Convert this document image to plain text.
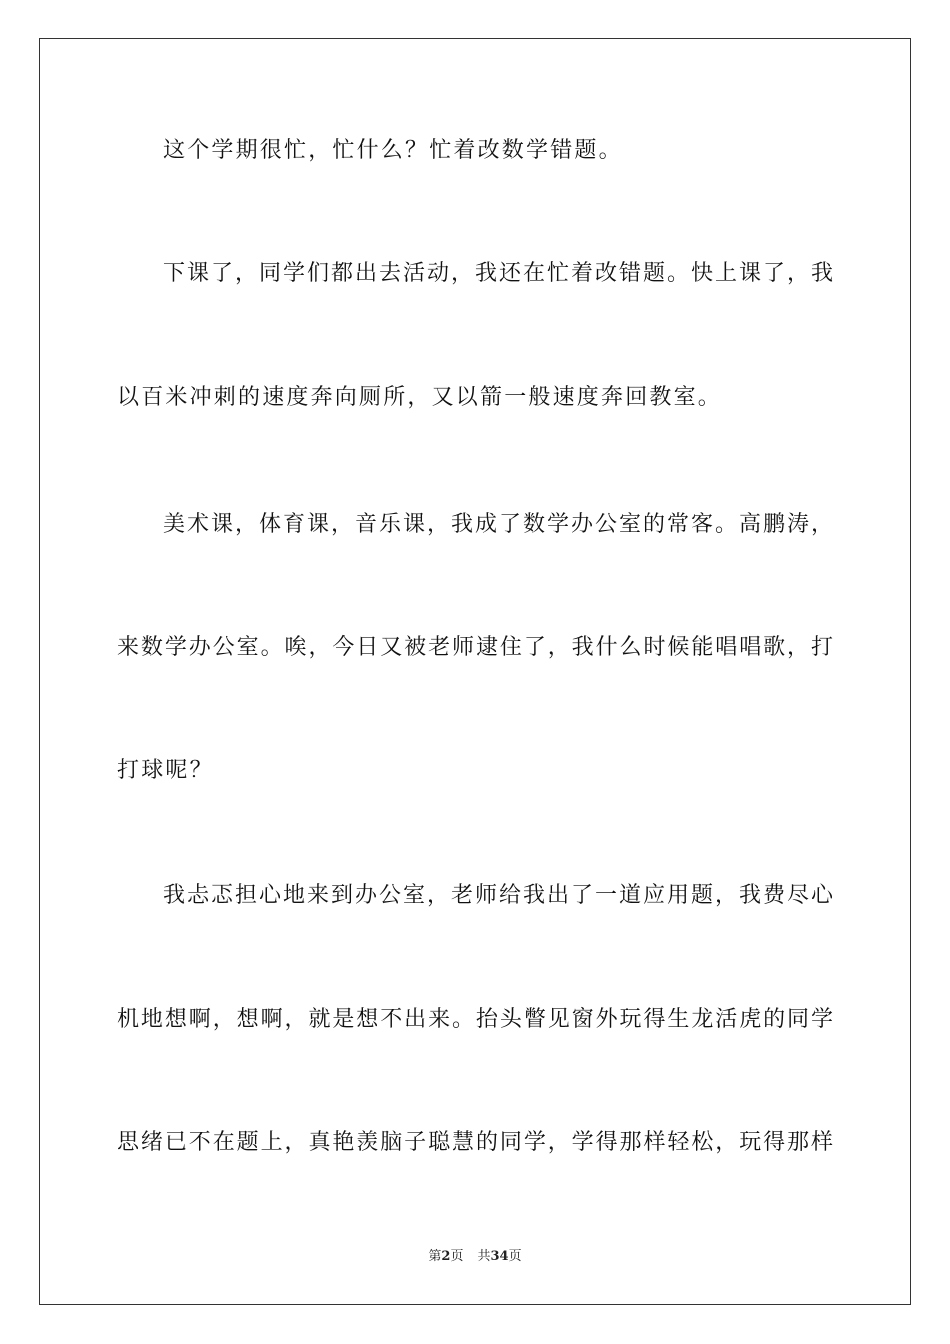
这个学期很忙，忙什么？忙着改数学错题。
下课了，同学们都出去活动，我还在忙着改错题。快上课了，我
以百米冲刺的速度奔向厕所，又以箭一般速度奔回教室。
美术课，体育课，音乐课，我成了数学办公室的常客。高鹏涛，
来数学办公室。唉，今日又被老师逮住了，我什么时候能唱唱歌，打
打球呢？
我忐忑担心地来到办公室，老师给我出了一道应用题，我费尽心
机地想啊，想啊，就是想不出来。抬头瞥见窗外玩得生龙活虎的同学
思绪已不在题上，真艳羡脑子聪慧的同学，学得那样轻松，玩得那样
第2页 共34页
